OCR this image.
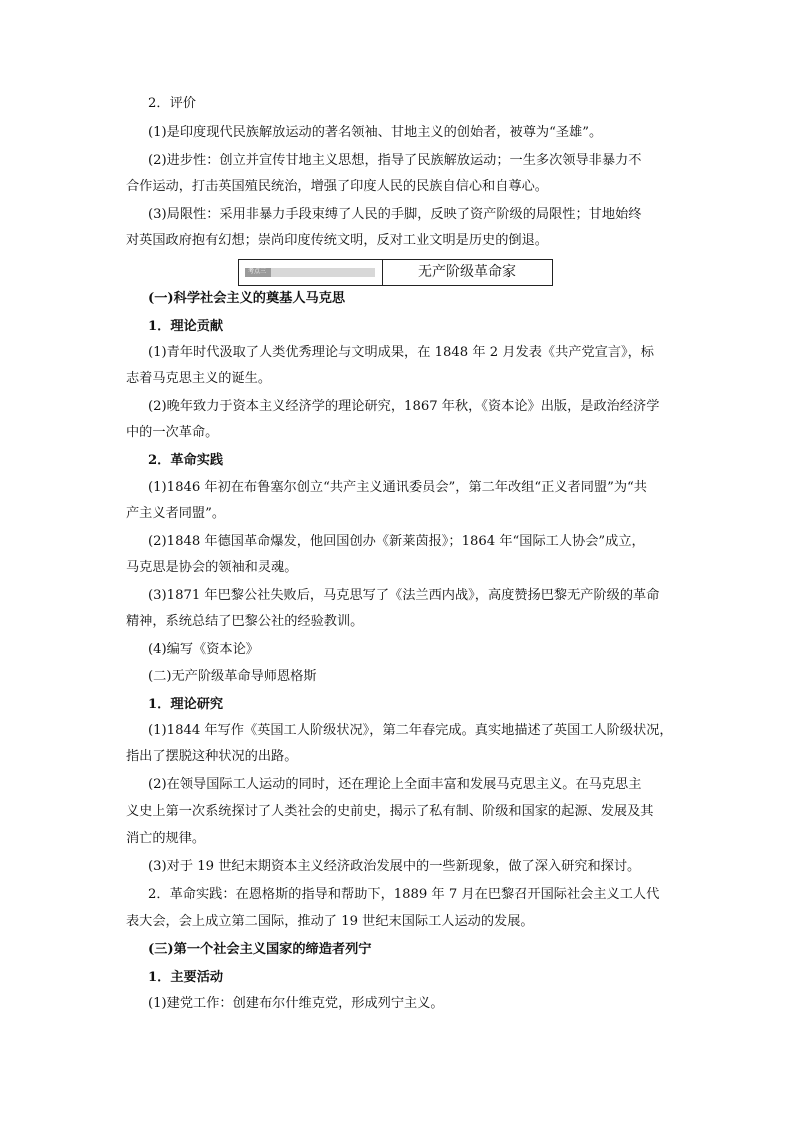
2．评价
(1)是印度现代民族解放运动的著名领袖、甘地主义的创始者，被尊为“圣雄”。
(2)进步性：创立并宣传甘地主义思想，指导了民族解放运动；一生多次领导非暴力不
合作运动，打击英国殖民统治，增强了印度人民的民族自信心和自尊心。
(3)局限性：采用非暴力手段束缚了人民的手脚，反映了资产阶级的局限性；甘地始终
对英国政府抱有幻想；崇尚印度传统文明，反对工业文明是历史的倒退。
考点三	无产阶级革命家
(一)科学社会主义的奠基人马克思
1．理论贡献
(1)青年时代汲取了人类优秀理论与文明成果，在 1848 年 2 月发表《共产党宣言》，标
志着马克思主义的诞生。
(2)晚年致力于资本主义经济学的理论研究，1867 年秋，《资本论》出版，是政治经济学
中的一次革命。
2．革命实践
(1)1846 年初在布鲁塞尔创立“共产主义通讯委员会”，第二年改组“正义者同盟”为“共
产主义者同盟”。
(2)1848 年德国革命爆发，他回国创办《新莱茵报》；1864 年“国际工人协会”成立，
马克思是协会的领袖和灵魂。
(3)1871 年巴黎公社失败后，马克思写了《法兰西内战》，高度赞扬巴黎无产阶级的革命
精神，系统总结了巴黎公社的经验教训。
(4)编写《资本论》
(二)无产阶级革命导师恩格斯
1．理论研究
(1)1844 年写作《英国工人阶级状况》，第二年春完成。真实地描述了英国工人阶级状况，
指出了摆脱这种状况的出路。
(2)在领导国际工人运动的同时，还在理论上全面丰富和发展马克思主义。在马克思主
义史上第一次系统探讨了人类社会的史前史，揭示了私有制、阶级和国家的起源、发展及其
消亡的规律。
(3)对于 19 世纪末期资本主义经济政治发展中的一些新现象，做了深入研究和探讨。
2．革命实践：在恩格斯的指导和帮助下，1889 年 7 月在巴黎召开国际社会主义工人代
表大会，会上成立第二国际，推动了 19 世纪末国际工人运动的发展。
(三)第一个社会主义国家的缔造者列宁
1．主要活动
(1)建党工作：创建布尔什维克党，形成列宁主义。
